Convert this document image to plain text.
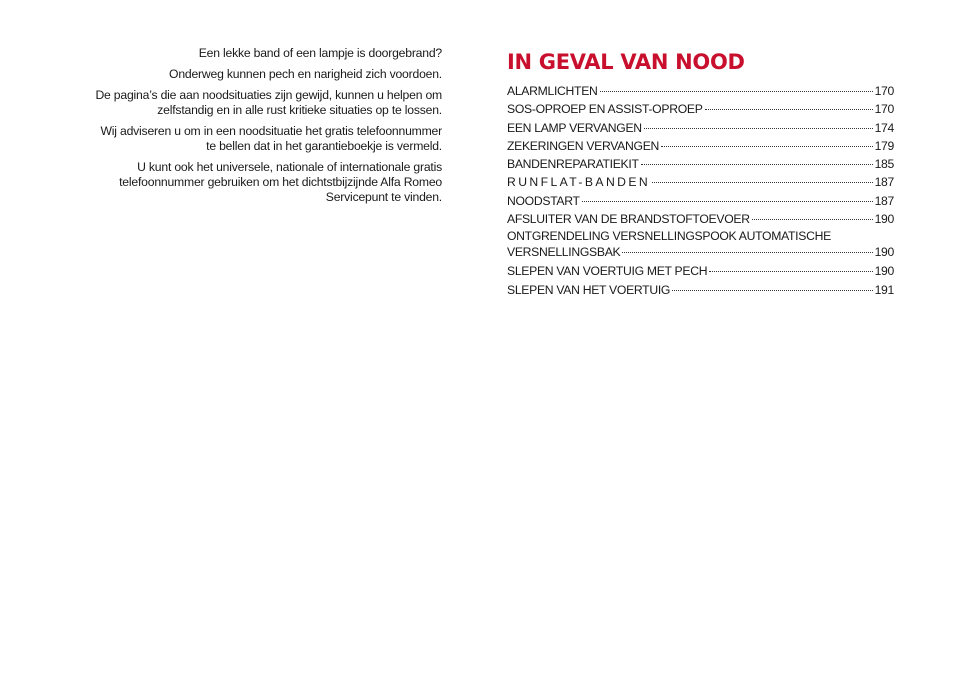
Een lekke band of een lampje is doorgebrand?

Onderweg kunnen pech en narigheid zich voordoen.

De pagina’s die aan noodsituaties zijn gewijd, kunnen u helpen om zelfstandig en in alle rust kritieke situaties op te lossen.

Wij adviseren u om in een noodsituatie het gratis telefoonnummer te bellen dat in het garantieboekje is vermeld.

U kunt ook het universele, nationale of internationale gratis telefoonnummer gebruiken om het dichtstbijzijnde Alfa Romeo Servicepunt te vinden.

IN GEVAL VAN NOOD
ALARMLICHTEN	170
SOS-OPROEP EN ASSIST-OPROEP	170
EEN LAMP VERVANGEN	174
ZEKERINGEN VERVANGEN	179
BANDENREPARATIEKIT	185
RUNFLAT-BANDEN	187
NOODSTART	187
AFSLUITER VAN DE BRANDSTOFTOEVOER	190
ONTGRENDELING VERSNELLINGSPOOK AUTOMATISCHE
VERSNELLINGSBAK	190
SLEPEN VAN VOERTUIG MET PECH	190
SLEPEN VAN HET VOERTUIG	191
